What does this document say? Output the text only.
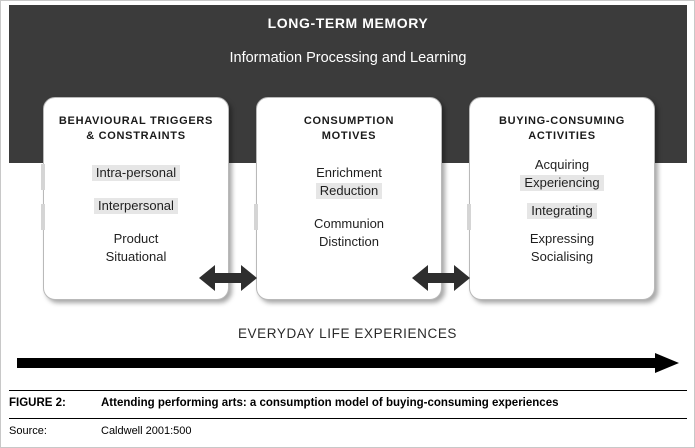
LONG-TERM MEMORY
Information Processing and Learning
BEHAVIOURAL TRIGGERS
& CONSTRAINTS
Intra-personal
Interpersonal
Product
Situational
CONSUMPTION
MOTIVES
Enrichment
Reduction
Communion
Distinction
BUYING-CONSUMING
ACTIVITIES
Acquiring
Experiencing
Integrating
Expressing
Socialising
EVERYDAY LIFE EXPERIENCES
FIGURE 2:	Attending performing arts: a consumption model of buying-consuming experiences
Source:	Caldwell 2001:500
